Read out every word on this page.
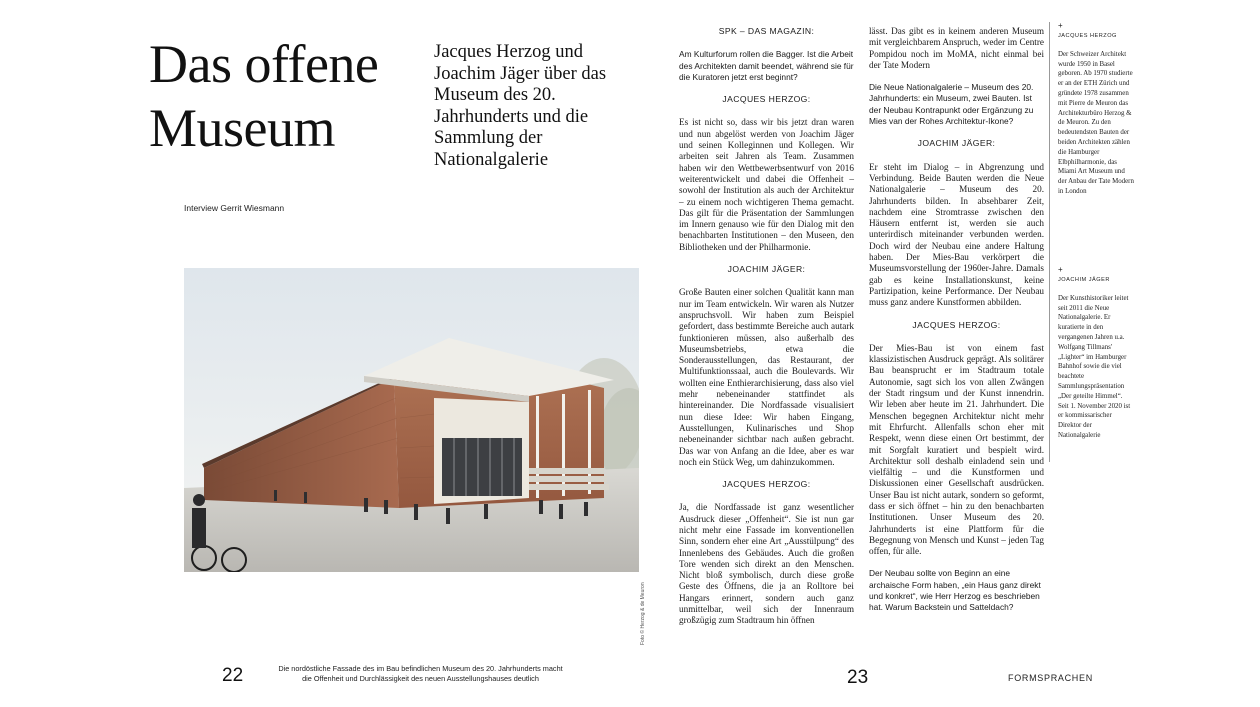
Das offene Museum
Jacques Herzog und Joachim Jäger über das Museum des 20. Jahrhunderts und die Sammlung der Nationalgalerie

Interview Gerrit Wiesmann

Foto © Herzog & de Meuron
22	Die nordöstliche Fassade des im Bau befindlichen Museum des 20. Jahrhunderts macht
die Offenheit und Durchlässigkeit des neuen Ausstellungshauses deutlich

SPK – DAS MAGAZIN:

Am Kulturforum rollen die Bagger. Ist die Arbeit des Architekten damit beendet, während sie für die Kuratoren jetzt erst beginnt?

JACQUES HERZOG:

Es ist nicht so, dass wir bis jetzt dran waren und nun abgelöst werden von Joachim Jäger und seinen Kolleginnen und Kollegen. Wir arbeiten seit Jahren als Team. Zusammen haben wir den Wettbewerbsentwurf von 2016 weiterentwickelt und dabei die Offenheit – sowohl der Institution als auch der Architektur – zu einem noch wichtigeren Thema gemacht. Das gilt für die Präsentation der Sammlungen im Innern genauso wie für den Dialog mit den benachbarten Institutionen – den Museen, den Bibliotheken und der Philharmonie.

JOACHIM JÄGER:

Große Bauten einer solchen Qualität kann man nur im Team entwickeln. Wir waren als Nutzer anspruchsvoll. Wir haben zum Beispiel gefordert, dass bestimmte Bereiche auch autark funktionieren müssen, also außerhalb des Museumsbetriebs, etwa die Sonderausstellungen, das Restaurant, der Multifunktionssaal, auch die Boulevards. Wir wollten eine Enthierarchisierung, dass also viel mehr nebeneinander stattfindet als hintereinander. Die Nordfassade visualisiert nun diese Idee: Wir haben Eingang, Ausstellungen, Kulinarisches und Shop nebeneinander sichtbar nach außen gebracht. Das war von Anfang an die Idee, aber es war noch ein Stück Weg, um dahinzukommen.

JACQUES HERZOG:

Ja, die Nordfassade ist ganz wesentlicher Ausdruck dieser „Offenheit“. Sie ist nun gar nicht mehr eine Fassade im konventionellen Sinn, sondern eher eine Art „Ausstülpung“ des Innenlebens des Gebäudes. Auch die großen Tore wenden sich direkt an den Menschen. Nicht bloß symbolisch, durch diese große Geste des Öffnens, die ja an Rolltore bei Hangars erinnert, sondern auch ganz unmittelbar, weil sich der Innenraum großzügig zum Stadtraum hin öffnen

lässt. Das gibt es in keinem anderen Museum mit vergleichbarem Anspruch, weder im Centre Pompidou noch im MoMA, nicht einmal bei der Tate Modern

Die Neue Nationalgalerie – Museum des 20. Jahrhunderts: ein Museum, zwei Bauten. Ist der Neubau Kontrapunkt oder Ergänzung zu Mies van der Rohes Architektur-Ikone?

JOACHIM JÄGER:

Er steht im Dialog – in Abgrenzung und Verbindung. Beide Bauten werden die Neue Nationalgalerie – Museum des 20. Jahrhunderts bilden. In absehbarer Zeit, nachdem eine Stromtrasse zwischen den Häusern entfernt ist, werden sie auch unterirdisch miteinander verbunden werden. Doch wird der Neubau eine andere Haltung haben. Der Mies-Bau verkörpert die Museumsvorstellung der 1960er-Jahre. Damals gab es keine Installationskunst, keine Partizipation, keine Performance. Der Neubau muss ganz andere Kunstformen abbilden.

JACQUES HERZOG:

Der Mies-Bau ist von einem fast klassizistischen Ausdruck geprägt. Als solitärer Bau beansprucht er im Stadtraum totale Autonomie, sagt sich los von allen Zwängen der Stadt ringsum und der Kunst innendrin. Wir leben aber heute im 21. Jahrhundert. Die Menschen begegnen Architektur nicht mehr mit Ehrfurcht. Allenfalls schon eher mit Respekt, wenn diese einen Ort bestimmt, der mit Sorgfalt kuratiert und bespielt wird. Architektur soll deshalb einladend sein und vielfältig – und die Kunstformen und Diskussionen einer Gesellschaft ausdrücken. Unser Bau ist nicht autark, sondern so geformt, dass er sich öffnet – hin zu den benachbarten Institutionen. Unser Museum des 20. Jahrhunderts ist eine Plattform für die Begegnung von Mensch und Kunst – jeden Tag offen, für alle.

Der Neubau sollte von Beginn an eine archaische Form haben, „ein Haus ganz direkt und konkret“, wie Herr Herzog es beschrieben hat. Warum Backstein und Satteldach?

+
JACQUES HERZOG

Der Schweizer Architekt wurde 1950 in Basel geboren. Ab 1970 studierte er an der ETH Zürich und gründete 1978 zusammen mit Pierre de Meuron das Architekturbüro Herzog & de Meuron. Zu den bedeutendsten Bauten der beiden Architekten zählen die Hamburger Elbphilharmonie, das Miami Art Museum und der Anbau der Tate Modern in London

+
JOACHIM JÄGER

Der Kunsthistoriker leitet seit 2011 die Neue Nationalgalerie. Er kuratierte in den vergangenen Jahren u.a. Wolfgang Tillmans' „Lighter“ im Hamburger Bahnhof sowie die viel beachtete Sammlungspräsentation „Der geteilte Himmel“. Seit 1. November 2020 ist er kommissarischer Direktor der Nationalgalerie

23	FORMSPRACHEN
